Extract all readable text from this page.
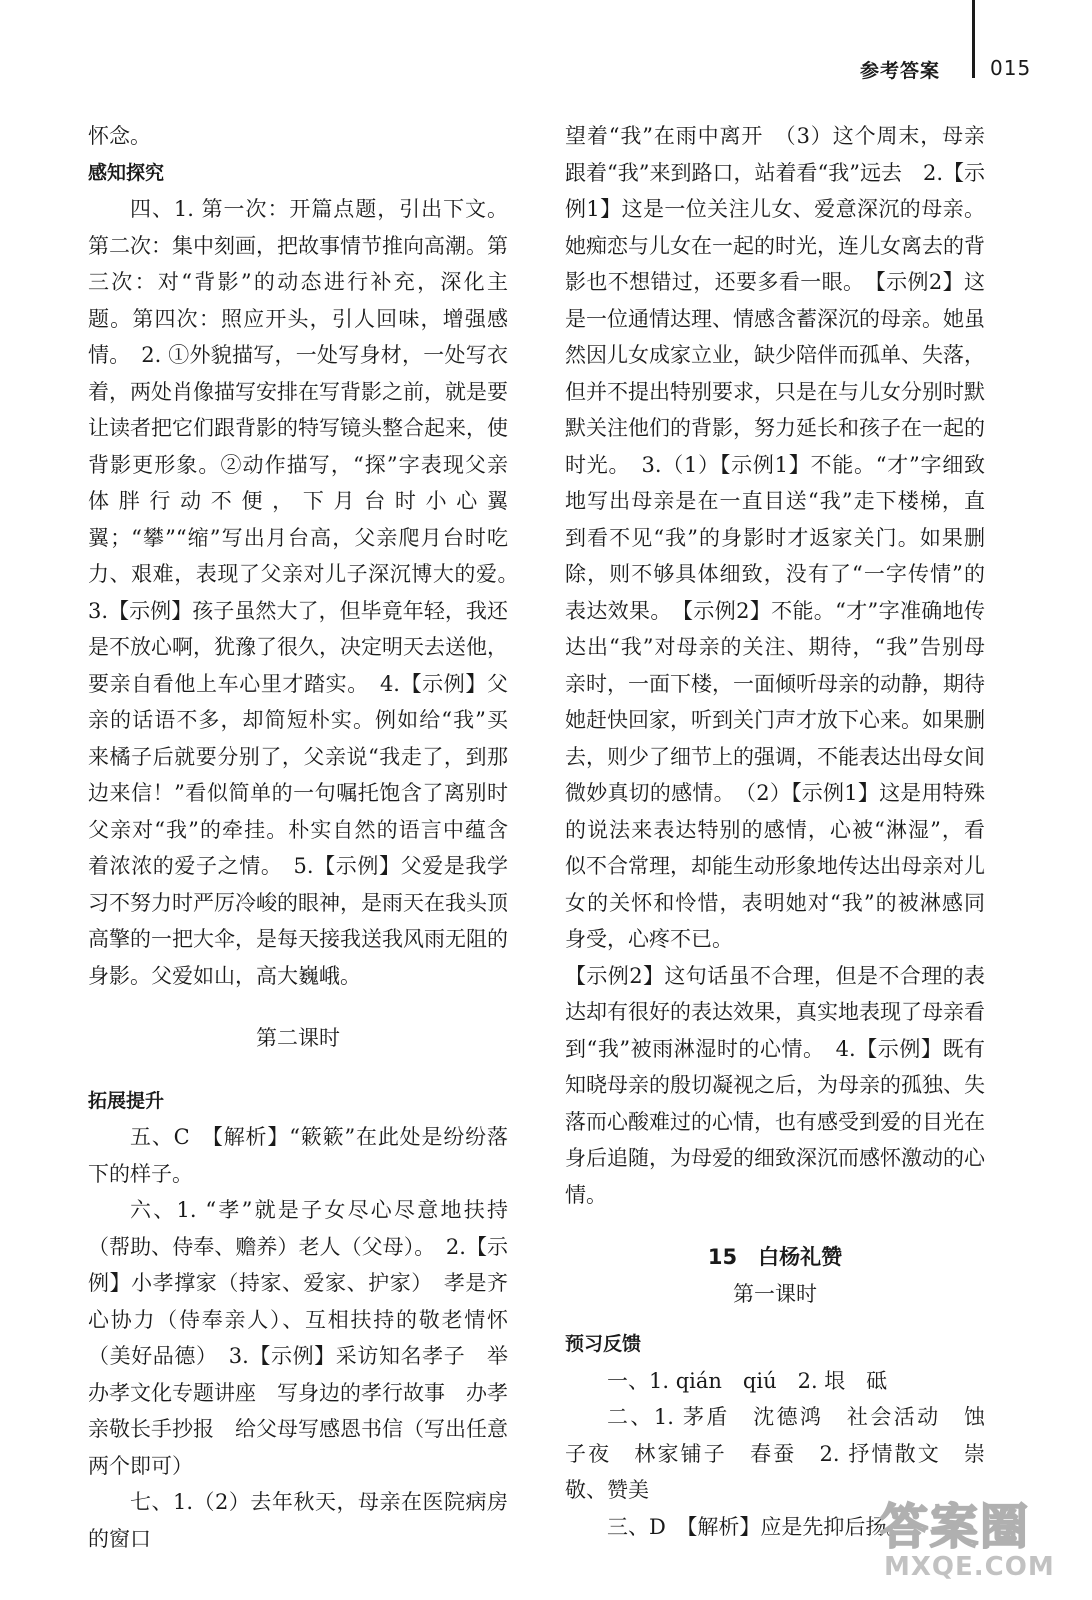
参考答案 015

怀念。

感知探究

四、1. 第一次：开篇点题，引出下文。第二次：集中刻画，把故事情节推向高潮。第三次：对“背影”的动态进行补充，深化主题。第四次：照应开头，引人回味，增强感情。　2. ①外貌描写，一处写身材，一处写衣着，两处肖像描写安排在写背影之前，就是要让读者把它们跟背影的特写镜头整合起来，使背影更形象。②动作描写，“探”字表现父亲体胖行动不便，下月台时小心翼翼；“攀”“缩”写出月台高，父亲爬月台时吃力、艰难，表现了父亲对儿子深沉博大的爱。　3.【示例】孩子虽然大了，但毕竟年轻，我还是不放心啊，犹豫了很久，决定明天去送他，要亲自看他上车心里才踏实。　4.【示例】父亲的话语不多，却简短朴实。例如给“我”买来橘子后就要分别了，父亲说“我走了，到那边来信！”看似简单的一句嘱托饱含了离别时父亲对“我”的牵挂。朴实自然的语言中蕴含着浓浓的爱子之情。　5.【示例】父爱是我学习不努力时严厉冷峻的眼神，是雨天在我头顶高擎的一把大伞，是每天接我送我风雨无阻的身影。父爱如山，高大巍峨。

第二课时

拓展提升

五、C　【解析】“簌簌”在此处是纷纷落下的样子。

六、1. “孝”就是子女尽心尽意地扶持（帮助、侍奉、赡养）老人（父母）。　2.【示例】小孝撑家（持家、爱家、护家）　孝是齐心协力（侍奉亲人）、互相扶持的敬老情怀（美好品德）　3.【示例】采访知名孝子　举办孝文化专题讲座　写身边的孝行故事　办孝亲敬长手抄报　给父母写感恩书信（写出任意两个即可）

七、1.（2）去年秋天，母亲在医院病房的窗口

望着“我”在雨中离开　（3）这个周末，母亲跟着“我”来到路口，站着看“我”远去　2.【示例1】这是一位关注儿女、爱意深沉的母亲。她痴恋与儿女在一起的时光，连儿女离去的背影也不想错过，还要多看一眼。　【示例2】这是一位通情达理、情感含蓄深沉的母亲。她虽然因儿女成家立业，缺少陪伴而孤单、失落，但并不提出特别要求，只是在与儿女分别时默默关注他们的背影，努力延长和孩子在一起的时光。　3.（1）【示例1】不能。“才”字细致地写出母亲是在一直目送“我”走下楼梯，直到看不见“我”的身影时才返家关门。如果删除，则不够具体细致，没有了“一字传情”的表达效果。　【示例2】不能。“才”字准确地传达出“我”对母亲的关注、期待，“我”告别母亲时，一面下楼，一面倾听母亲的动静，期待她赶快回家，听到关门声才放下心来。如果删去，则少了细节上的强调，不能表达出母女间微妙真切的感情。　（2）【示例1】这是用特殊的说法来表达特别的感情，心被“淋湿”，看似不合常理，却能生动形象地传达出母亲对儿女的关怀和怜惜，表明她对“我”的被淋感同身受，心疼不已。

【示例2】这句话虽不合理，但是不合理的表达却有很好的表达效果，真实地表现了母亲看到“我”被雨淋湿时的心情。　4.【示例】既有知晓母亲的殷切凝视之后，为母亲的孤独、失落而心酸难过的心情，也有感受到爱的目光在身后追随，为母爱的细致深沉而感怀激动的心情。

15　白杨礼赞

第一课时

预习反馈

一、1. qián　qiú　2. 垠　砥

二、1. 茅盾　沈德鸿　社会活动　蚀　子夜　林家铺子　春蚕　2. 抒情散文　崇敬、赞美

三、D　【解析】应是先抑后扬。

答案圈
MXQE.COM
